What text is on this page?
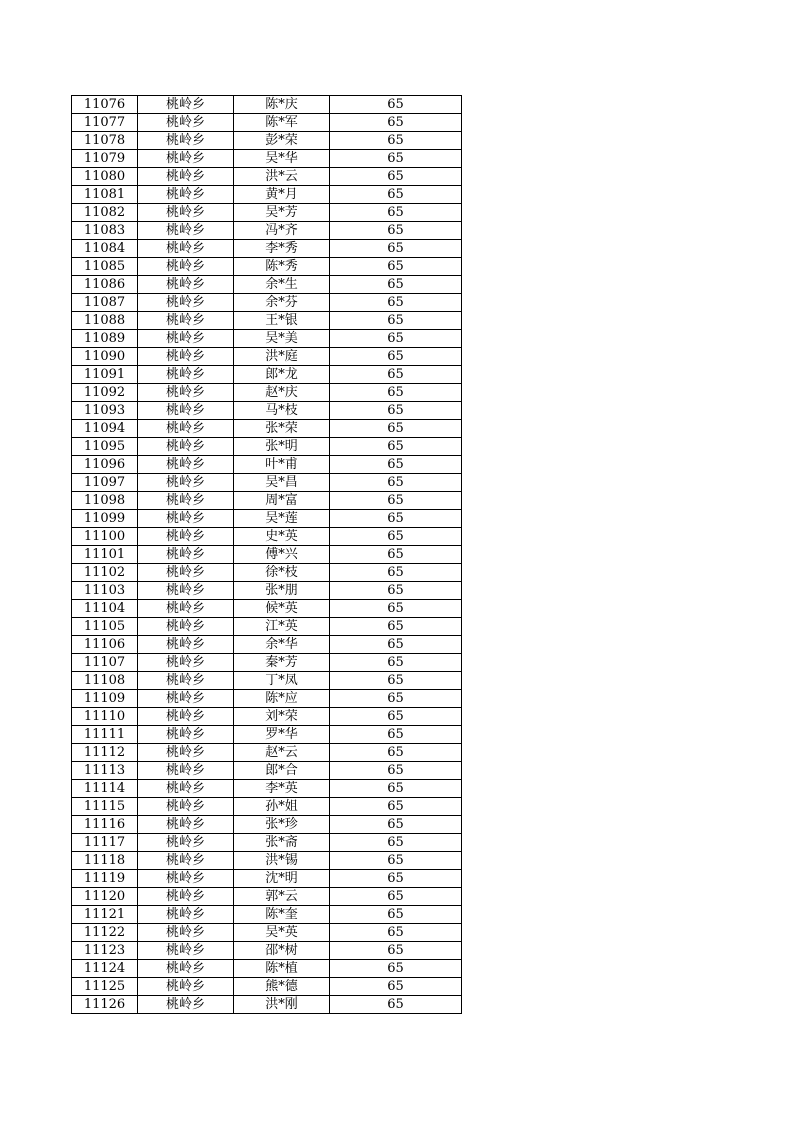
11076	桃岭乡	陈*庆	65
11077	桃岭乡	陈*军	65
11078	桃岭乡	彭*荣	65
11079	桃岭乡	吴*华	65
11080	桃岭乡	洪*云	65
11081	桃岭乡	黄*月	65
11082	桃岭乡	吴*芳	65
11083	桃岭乡	冯*齐	65
11084	桃岭乡	李*秀	65
11085	桃岭乡	陈*秀	65
11086	桃岭乡	余*生	65
11087	桃岭乡	余*芬	65
11088	桃岭乡	王*银	65
11089	桃岭乡	吴*美	65
11090	桃岭乡	洪*庭	65
11091	桃岭乡	郎*龙	65
11092	桃岭乡	赵*庆	65
11093	桃岭乡	马*枝	65
11094	桃岭乡	张*荣	65
11095	桃岭乡	张*明	65
11096	桃岭乡	叶*甫	65
11097	桃岭乡	吴*昌	65
11098	桃岭乡	周*富	65
11099	桃岭乡	吴*莲	65
11100	桃岭乡	史*英	65
11101	桃岭乡	傅*兴	65
11102	桃岭乡	徐*枝	65
11103	桃岭乡	张*朋	65
11104	桃岭乡	候*英	65
11105	桃岭乡	江*英	65
11106	桃岭乡	余*华	65
11107	桃岭乡	秦*芳	65
11108	桃岭乡	丁*凤	65
11109	桃岭乡	陈*应	65
11110	桃岭乡	刘*荣	65
11111	桃岭乡	罗*华	65
11112	桃岭乡	赵*云	65
11113	桃岭乡	郎*合	65
11114	桃岭乡	李*英	65
11115	桃岭乡	孙*姐	65
11116	桃岭乡	张*珍	65
11117	桃岭乡	张*斋	65
11118	桃岭乡	洪*锡	65
11119	桃岭乡	沈*明	65
11120	桃岭乡	郭*云	65
11121	桃岭乡	陈*奎	65
11122	桃岭乡	吴*英	65
11123	桃岭乡	邵*树	65
11124	桃岭乡	陈*植	65
11125	桃岭乡	熊*德	65
11126	桃岭乡	洪*刚	65
